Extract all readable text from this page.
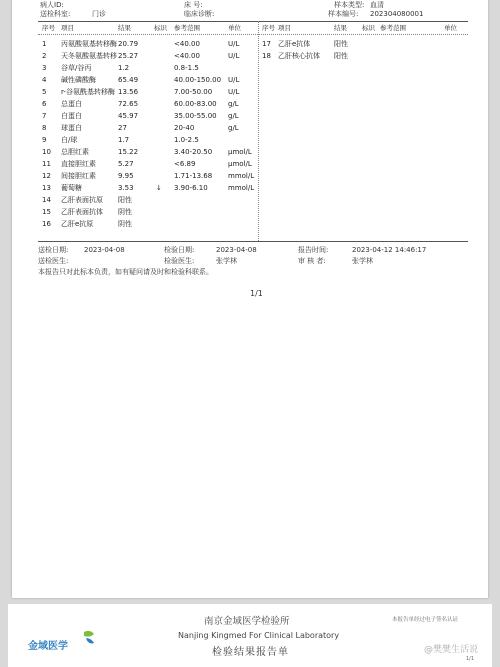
病人ID:
送检科室:	门诊
床 号:
临床诊断:
样本类型: 血清
样本编号: 202304080001
序号 项目	结果	标识 参考范围	单位	序号 项目	结果 标识 参考范围	单位
1 丙氨酸氨基转移酶 20.79	<40.00	U/L
2 天冬氨酸氨基转移 25.27	<40.00	U/L
3 谷草/谷丙	1.2	0.8-1.5
4 碱性磷酸酶	65.49	40.00-150.00 U/L
5 r-谷氨酰基转移酶 13.56	7.00-50.00 U/L
6 总蛋白	72.65	60.00-83.00 g/L
7 白蛋白	45.97	35.00-55.00 g/L
8 球蛋白	27	20-40	g/L
9 白/球	1.7	1.0-2.5
10 总胆红素	15.22	3.40-20.50 μmol/L
11 直接胆红素	5.27	<6.89	μmol/L
12 间接胆红素	9.95	1.71-13.68 mmol/L
13 葡萄糖	3.53	↓ 3.90-6.10	mmol/L
14 乙肝表面抗原 阳性
15 乙肝表面抗体 阴性
16 乙肝e抗原	阴性
17 乙肝e抗体	阳性
18 乙肝核心抗体 阳性
送检日期: 2023-04-08	检验日期:	2023-04-08	报告时间:	2023-04-12 14:46:17
送检医生:	检验医生:	张学林	审 核 者:	张学林
本报告只对此标本负责，如有疑问请及时和检验科联系。
1/1
南京金域医学检验所
Nanjing Kingmed For Clinical Laboratory
检验结果报告单
本报告单经过电子签名认证
1/1
金域医学	@樊樊生活说
